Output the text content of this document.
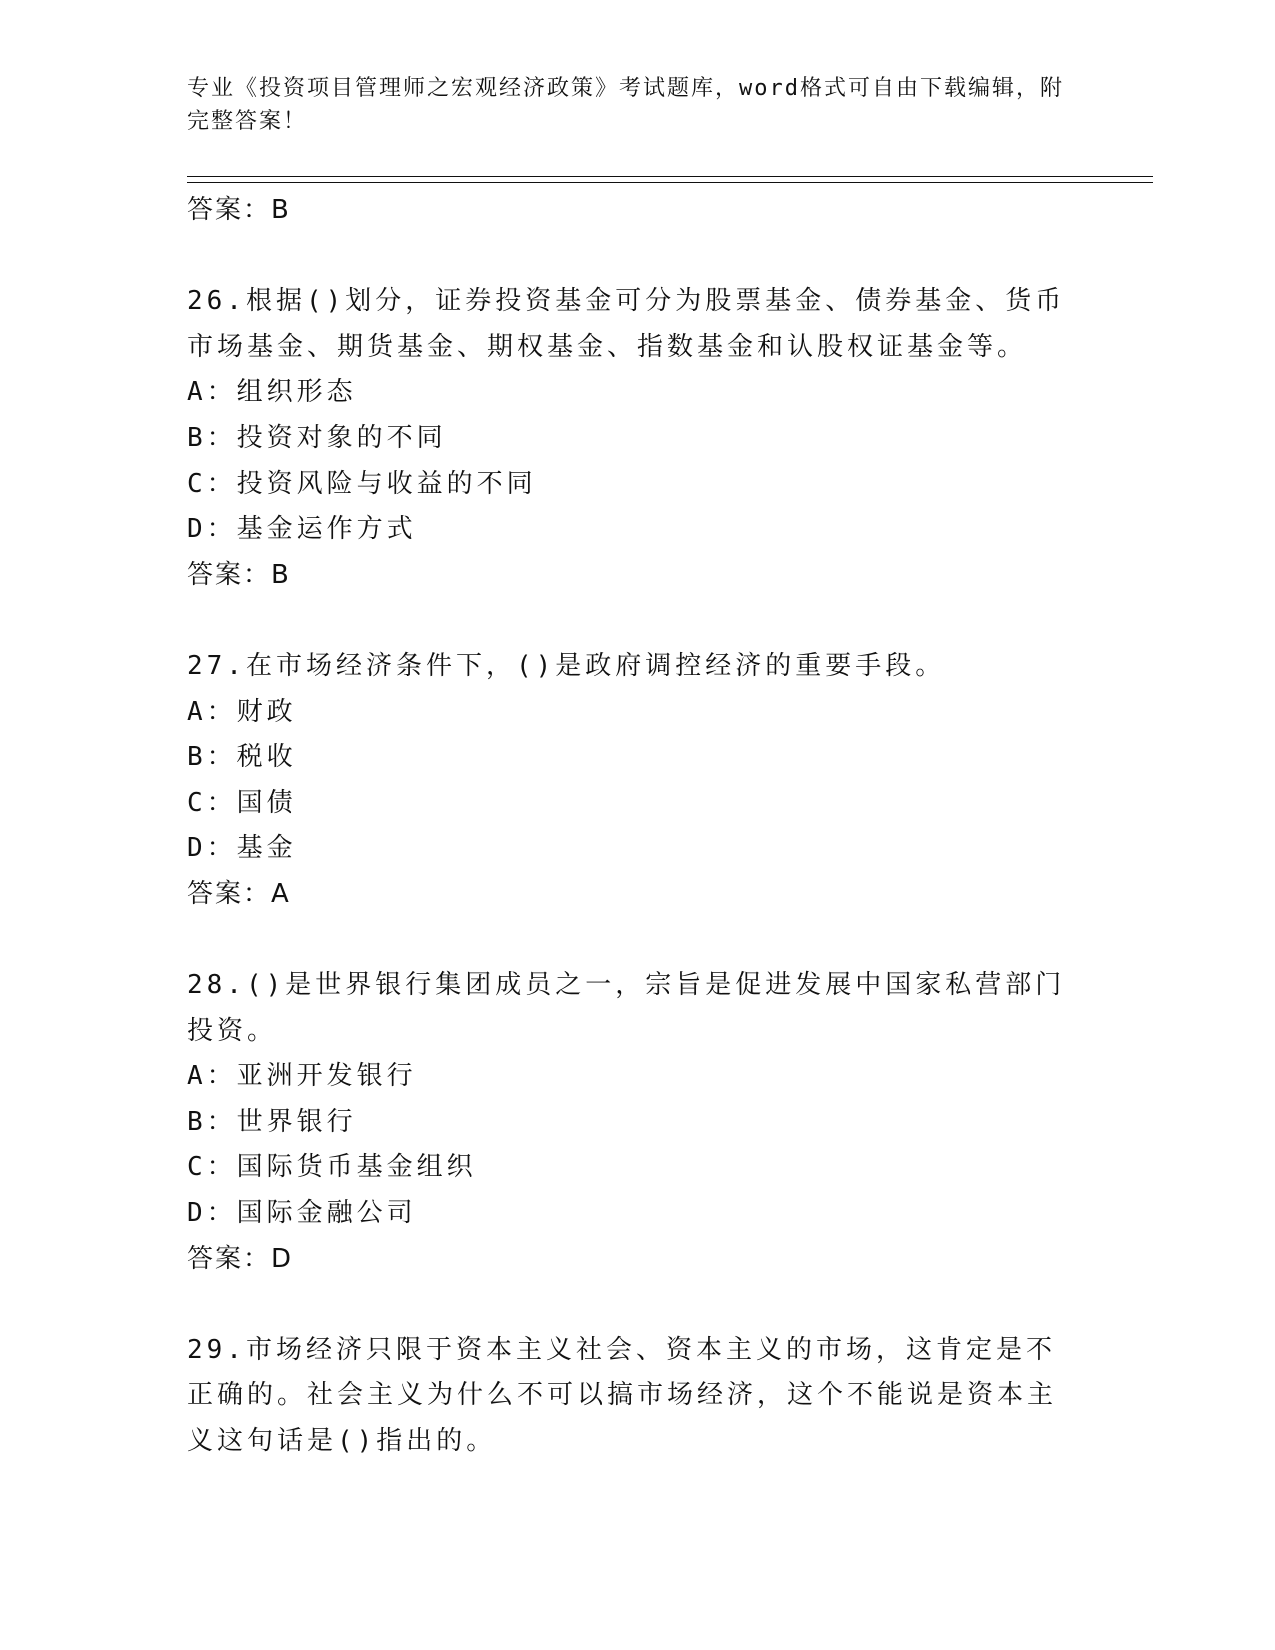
专业《投资项目管理师之宏观经济政策》考试题库，word格式可自由下载编辑，附完整答案！

答案：B

26.根据()划分，证券投资基金可分为股票基金、债券基金、货币市场基金、期货基金、期权基金、指数基金和认股权证基金等。

A：组织形态
B：投资对象的不同
C：投资风险与收益的不同
D：基金运作方式
答案：B

27.在市场经济条件下，()是政府调控经济的重要手段。

A：财政
B：税收
C：国债
D：基金
答案：A

28.()是世界银行集团成员之一，宗旨是促进发展中国家私营部门投资。

A：亚洲开发银行
B：世界银行
C：国际货币基金组织
D：国际金融公司
答案：D

29.市场经济只限于资本主义社会、资本主义的市场，这肯定是不正确的。社会主义为什么不可以搞市场经济，这个不能说是资本主义这句话是()指出的。
